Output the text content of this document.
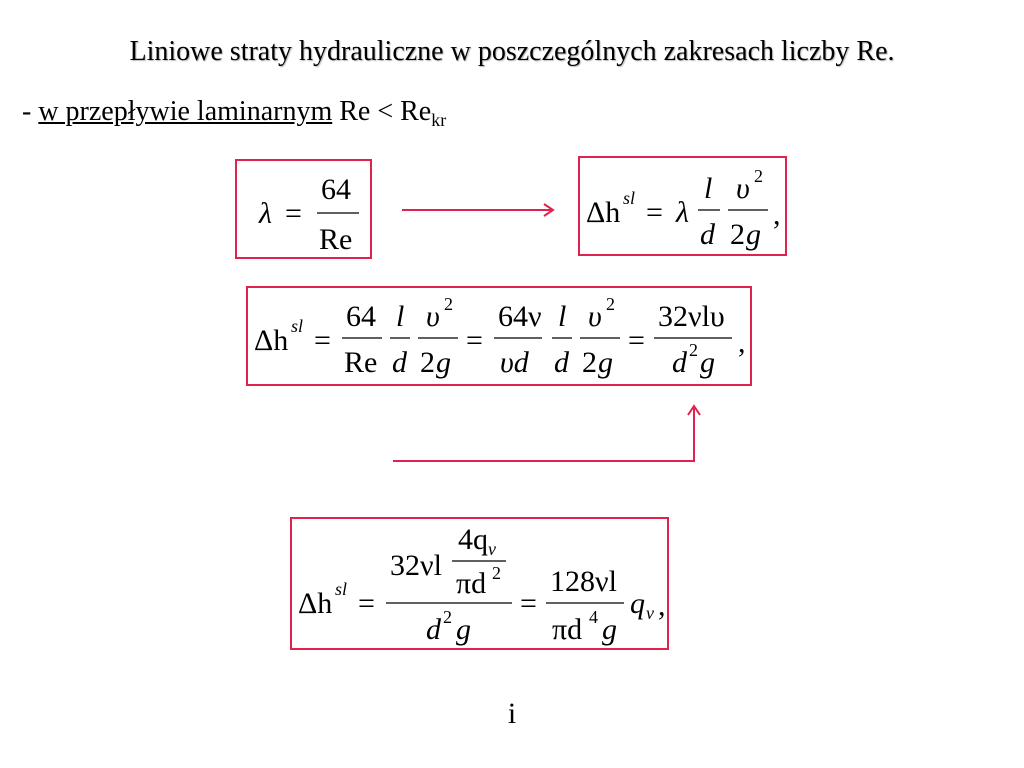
Liniowe straty hydrauliczne w poszczególnych zakresach liczby Re.
- w przepływie laminarnym $Re < Re_{kr}$
λ =
64
Re
Δh sl = λ
l
d
υ 2
2 g
,
Δh sl =
64
Re
l
d
υ 2
2 g
=
64ν
υd
l
d
υ 2
2 g
=
32νlυ
d 2 g
,
Δh sl =
32νl
4q v
πd 2
d 2 g
=
128νl
πd 4 g
q v ,
i
